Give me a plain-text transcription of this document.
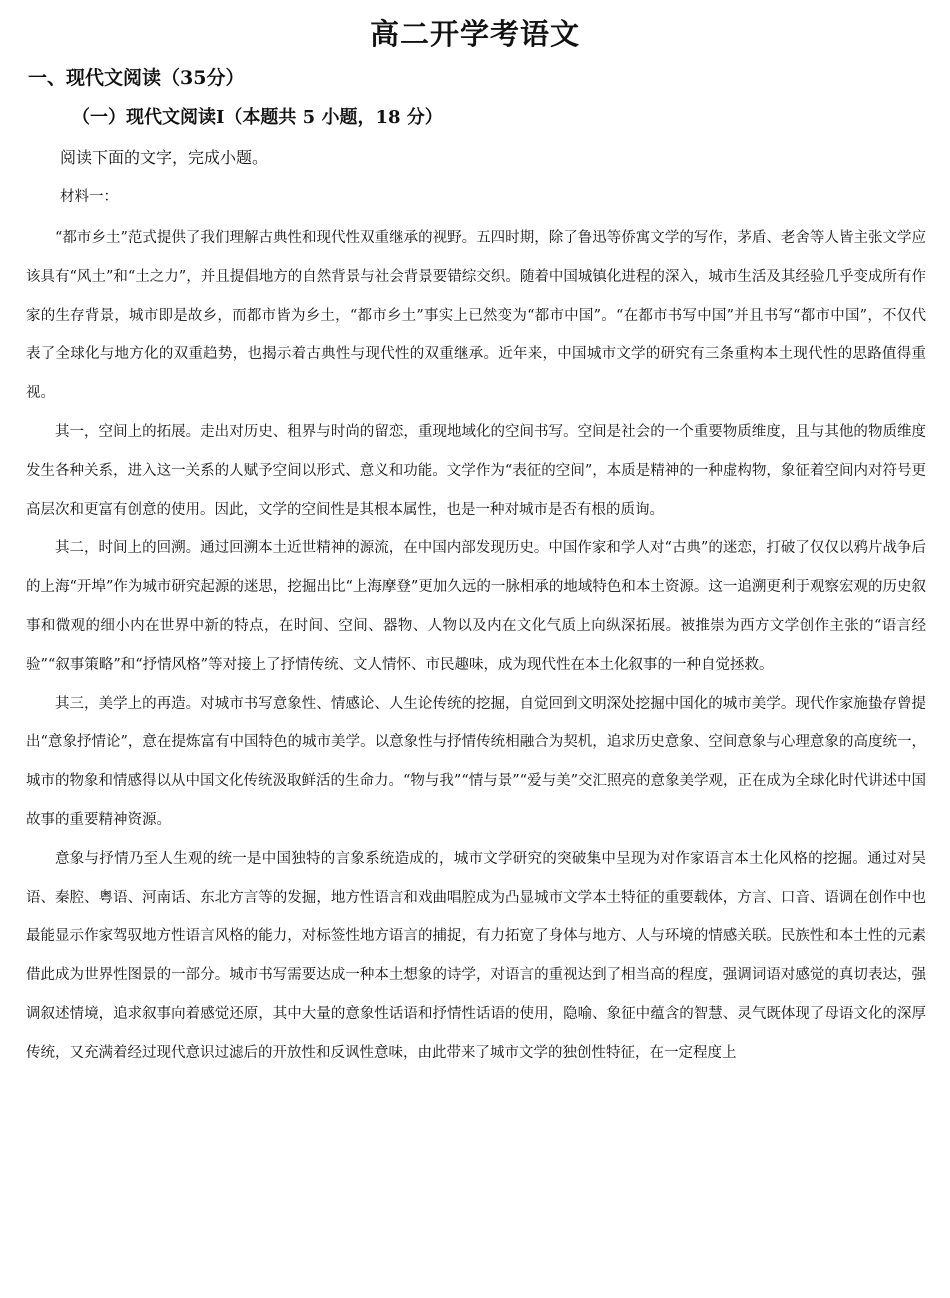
高二开学考语文
一、现代文阅读（35分）
（一）现代文阅读Ⅰ（本题共 5 小题，18 分）
阅读下面的文字，完成小题。
材料一：

“都市乡土”范式提供了我们理解古典性和现代性双重继承的视野。五四时期，除了鲁迅等侨寓文学的写作，茅盾、老舍等人皆主张文学应该具有“风土”和“土之力”，并且提倡地方的自然背景与社会背景要错综交织。随着中国城镇化进程的深入，城市生活及其经验几乎变成所有作家的生存背景，城市即是故乡，而都市皆为乡土，“都市乡土”事实上已然变为“都市中国”。“在都市书写中国”并且书写“都市中国”，不仅代表了全球化与地方化的双重趋势，也揭示着古典性与现代性的双重继承。近年来，中国城市文学的研究有三条重构本土现代性的思路值得重视。

其一，空间上的拓展。走出对历史、租界与时尚的留恋，重现地域化的空间书写。空间是社会的一个重要物质维度，且与其他的物质维度发生各种关系，进入这一关系的人赋予空间以形式、意义和功能。文学作为“表征的空间”，本质是精神的一种虚构物，象征着空间内对符号更高层次和更富有创意的使用。因此，文学的空间性是其根本属性，也是一种对城市是否有根的质询。

其二，时间上的回溯。通过回溯本土近世精神的源流，在中国内部发现历史。中国作家和学人对“古典”的迷恋，打破了仅仅以鸦片战争后的上海“开埠”作为城市研究起源的迷思，挖掘出比“上海摩登”更加久远的一脉相承的地域特色和本土资源。这一追溯更利于观察宏观的历史叙事和微观的细小内在世界中新的特点，在时间、空间、器物、人物以及内在文化气质上向纵深拓展。被推崇为西方文学创作主张的“语言经验”“叙事策略”和“抒情风格”等对接上了抒情传统、文人情怀、市民趣味，成为现代性在本土化叙事的一种自觉拯救。

其三，美学上的再造。对城市书写意象性、情感论、人生论传统的挖掘，自觉回到文明深处挖掘中国化的城市美学。现代作家施蛰存曾提出“意象抒情论”，意在提炼富有中国特色的城市美学。以意象性与抒情传统相融合为契机，追求历史意象、空间意象与心理意象的高度统一，城市的物象和情感得以从中国文化传统汲取鲜活的生命力。“物与我”“情与景”“爱与美”交汇照亮的意象美学观，正在成为全球化时代讲述中国故事的重要精神资源。

意象与抒情乃至人生观的统一是中国独特的言象系统造成的，城市文学研究的突破集中呈现为对作家语言本土化风格的挖掘。通过对吴语、秦腔、粤语、河南话、东北方言等的发掘，地方性语言和戏曲唱腔成为凸显城市文学本土特征的重要载体，方言、口音、语调在创作中也最能显示作家驾驭地方性语言风格的能力，对标签性地方语言的捕捉，有力拓宽了身体与地方、人与环境的情感关联。民族性和本土性的元素借此成为世界性图景的一部分。城市书写需要达成一种本土想象的诗学，对语言的重视达到了相当高的程度，强调词语对感觉的真切表达，强调叙述情境，追求叙事向着感觉还原，其中大量的意象性话语和抒情性话语的使用，隐喻、象征中蕴含的智慧、灵气既体现了母语文化的深厚传统，又充满着经过现代意识过滤后的开放性和反讽性意味，由此带来了城市文学的独创性特征，在一定程度上
